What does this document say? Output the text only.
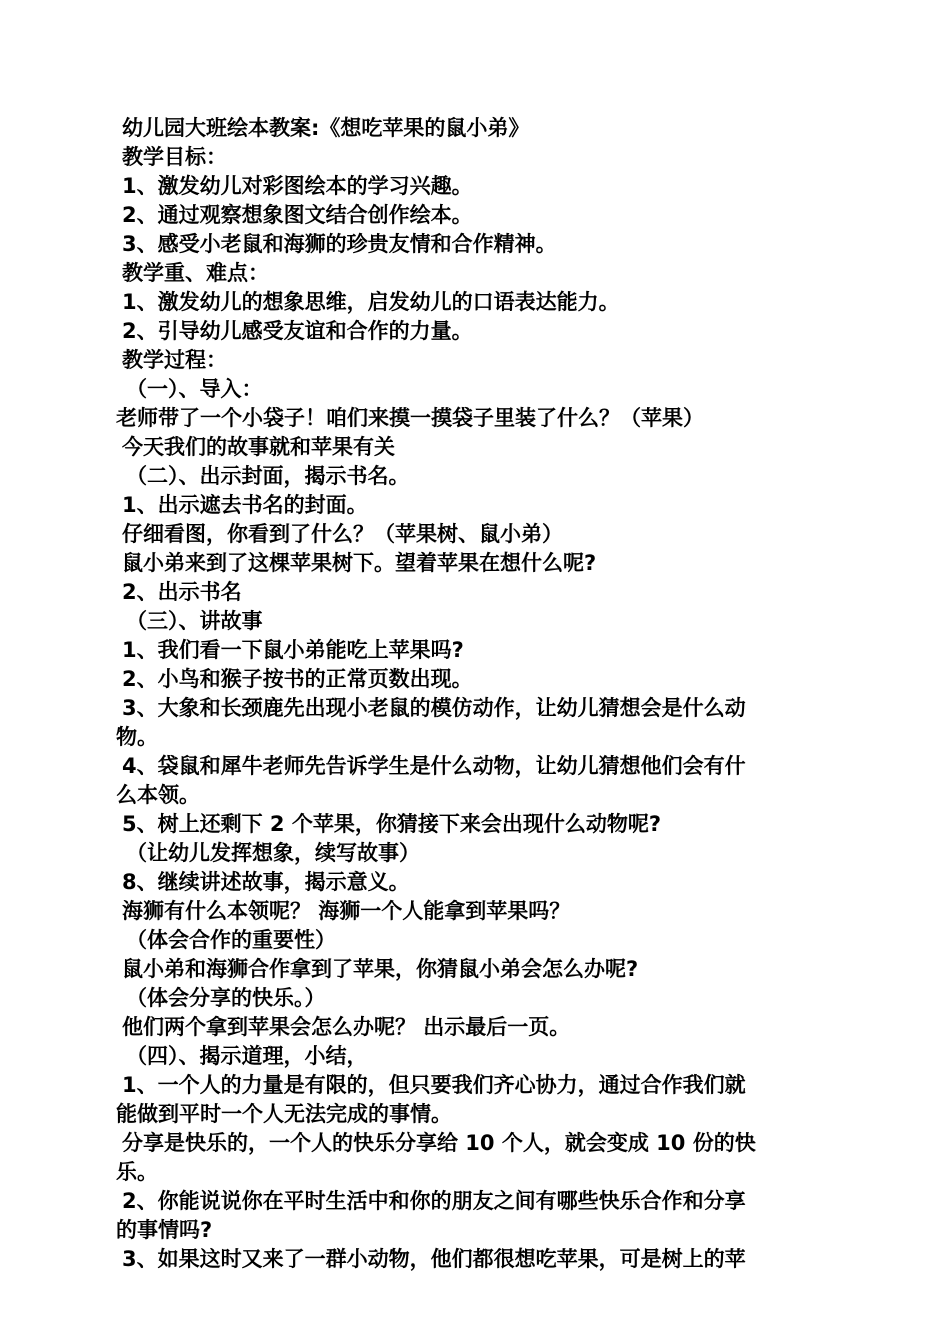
幼儿园大班绘本教案:《想吃苹果的鼠小弟》
教学目标：
1、激发幼儿对彩图绘本的学习兴趣。
2、通过观察想象图文结合创作绘本。
3、感受小老鼠和海狮的珍贵友情和合作精神。
教学重、难点：
1、激发幼儿的想象思维，启发幼儿的口语表达能力。
2、引导幼儿感受友谊和合作的力量。
教学过程：
（一）、导入：
老师带了一个小袋子！咱们来摸一摸袋子里装了什么？（苹果）
今天我们的故事就和苹果有关
（二）、出示封面，揭示书名。
1、出示遮去书名的封面。
仔细看图，你看到了什么？（苹果树、鼠小弟）
鼠小弟来到了这棵苹果树下。望着苹果在想什么呢?
2、出示书名
（三）、讲故事
1、我们看一下鼠小弟能吃上苹果吗?
2、小鸟和猴子按书的正常页数出现。
3、大象和长颈鹿先出现小老鼠的模仿动作，让幼儿猜想会是什么动
物。
4、袋鼠和犀牛老师先告诉学生是什么动物，让幼儿猜想他们会有什
么本领。
5、树上还剩下 2 个苹果，你猜接下来会出现什么动物呢?
（让幼儿发挥想象，续写故事）
8、继续讲述故事，揭示意义。
海狮有什么本领呢？ 海狮一个人能拿到苹果吗？
（体会合作的重要性）
鼠小弟和海狮合作拿到了苹果，你猜鼠小弟会怎么办呢?
（体会分享的快乐。）
他们两个拿到苹果会怎么办呢？ 出示最后一页。
（四）、揭示道理，小结，
1、一个人的力量是有限的，但只要我们齐心协力，通过合作我们就
能做到平时一个人无法完成的事情。
分享是快乐的，一个人的快乐分享给 10 个人，就会变成 10 份的快
乐。
2、你能说说你在平时生活中和你的朋友之间有哪些快乐合作和分享
的事情吗?
3、如果这时又来了一群小动物，他们都很想吃苹果，可是树上的苹
